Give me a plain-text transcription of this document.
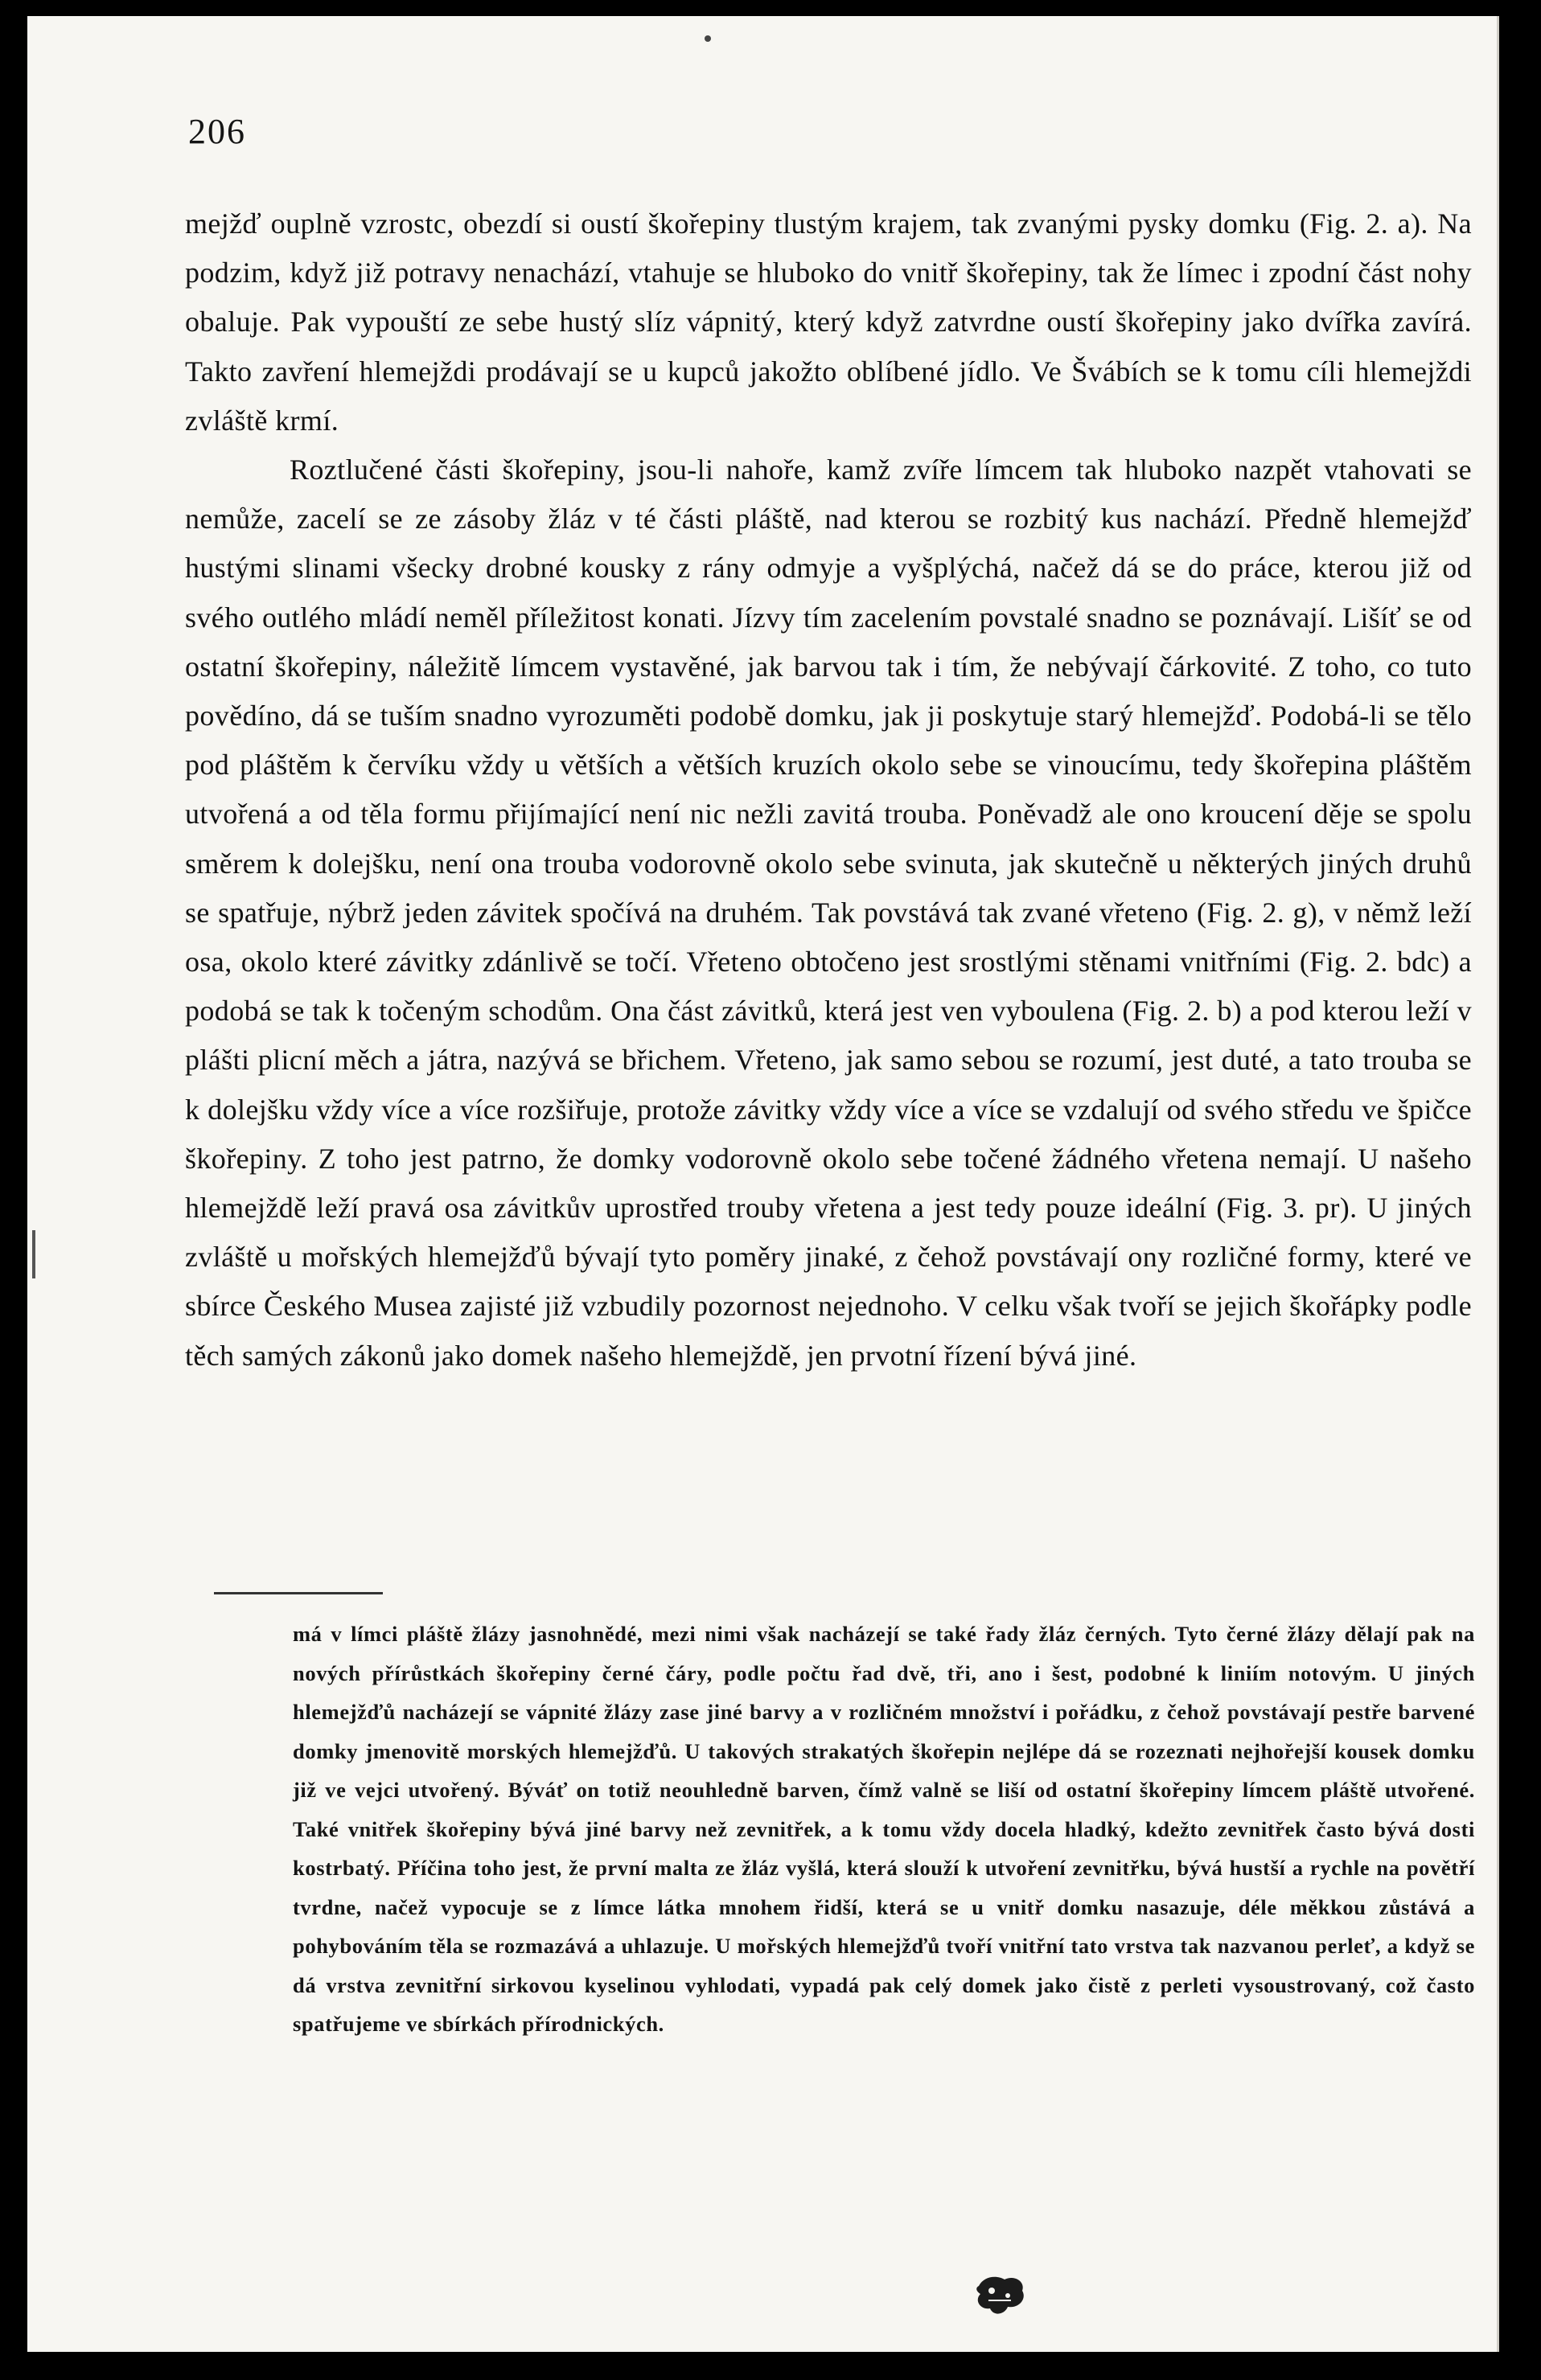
206

mejžď ouplně vzrostc, obezdí si oustí škořepiny tlustým krajem, tak zvanými pysky domku (Fig. 2. a). Na podzim, když již potravy nenachází, vtahuje se hluboko do vnitř škořepiny, tak že límec i zpodní část nohy obaluje. Pak vypouští ze sebe hustý slíz vápnitý, který když zatvrdne oustí škořepiny jako dvířka zavírá. Takto zavření hlemejždi prodávají se u kupců jakožto oblíbené jídlo. Ve Švábích se k tomu cíli hlemejždi zvláště krmí.

Roztlučené části škořepiny, jsou-li nahoře, kamž zvíře límcem tak hluboko nazpět vtahovati se nemůže, zacelí se ze zásoby žláz v té části pláště, nad kterou se rozbitý kus nachází. Předně hlemejžď hustými slinami všecky drobné kousky z rány odmyje a vyšplýchá, načež dá se do práce, kterou již od svého outlého mládí neměl příležitost konati. Jízvy tím zacelením povstalé snadno se poznávají. Lišíť se od ostatní škořepiny, náležitě límcem vystavěné, jak barvou tak i tím, že nebývají čárkovité. Z toho, co tuto povědíno, dá se tuším snadno vyrozuměti podobě domku, jak ji poskytuje starý hlemejžď. Podobá-li se tělo pod pláštěm k červíku vždy u větších a větších kruzích okolo sebe se vinoucímu, tedy škořepina pláštěm utvořená a od těla formu přijímající není nic nežli zavitá trouba. Poněvadž ale ono kroucení děje se spolu směrem k dolejšku, není ona trouba vodorovně okolo sebe svinuta, jak skutečně u některých jiných druhů se spatřuje, nýbrž jeden závitek spočívá na druhém. Tak povstává tak zvané vřeteno (Fig. 2. g), v němž leží osa, okolo které závitky zdánlivě se točí. Vřeteno obtočeno jest srostlými stěnami vnitřními (Fig. 2. bdc) a podobá se tak k točeným schodům. Ona část závitků, která jest ven vyboulena (Fig. 2. b) a pod kterou leží v plášti plicní měch a játra, nazývá se břichem. Vřeteno, jak samo sebou se rozumí, jest duté, a tato trouba se k dolejšku vždy více a více rozšiřuje, protože závitky vždy více a více se vzdalují od svého středu ve špičce škořepiny. Z toho jest patrno, že domky vodorovně okolo sebe točené žádného vřetena nemají. U našeho hlemejždě leží pravá osa závitkův uprostřed trouby vřetena a jest tedy pouze ideální (Fig. 3. pr). U jiných zvláště u mořských hlemejžďů bývají tyto poměry jinaké, z čehož povstávají ony rozličné formy, které ve sbírce Českého Musea zajisté již vzbudily pozornost nejednoho. V celku však tvoří se jejich škořápky podle těch samých zákonů jako domek našeho hlemejždě, jen prvotní řízení bývá jiné.

má v límci pláště žlázy jasnohnědé, mezi nimi však nacházejí se také řady žláz černých. Tyto černé žlázy dělají pak na nových přírůstkách škořepiny černé čáry, podle počtu řad dvě, tři, ano i šest, podobné k liniím notovým. U jiných hlemejžďů nacházejí se vápnité žlázy zase jiné barvy a v rozličném množství i pořádku, z čehož povstávají pestře barvené domky jmenovitě morských hlemejžďů. U takových strakatých škořepin nejlépe dá se rozeznati nejhořejší kousek domku již ve vejci utvořený. Býváť on totiž neouhledně barven, čímž valně se liší od ostatní škořepiny límcem pláště utvořené. Také vnitřek škořepiny bývá jiné barvy než zevnitřek, a k tomu vždy docela hladký, kdežto zevnitřek často bývá dosti kostrbatý. Příčina toho jest, že první malta ze žláz vyšlá, která slouží k utvoření zevnitřku, bývá hustší a rychle na povětří tvrdne, načež vypocuje se z límce látka mnohem řidší, která se u vnitř domku nasazuje, déle měkkou zůstává a pohybováním těla se rozmazává a uhlazuje. U mořských hlemejžďů tvoří vnitřní tato vrstva tak nazvanou perleť, a když se dá vrstva zevnitřní sirkovou kyselinou vyhlodati, vypadá pak celý domek jako čistě z perleti vysoustrovaný, což často spatřujeme ve sbírkách přírodnických.
